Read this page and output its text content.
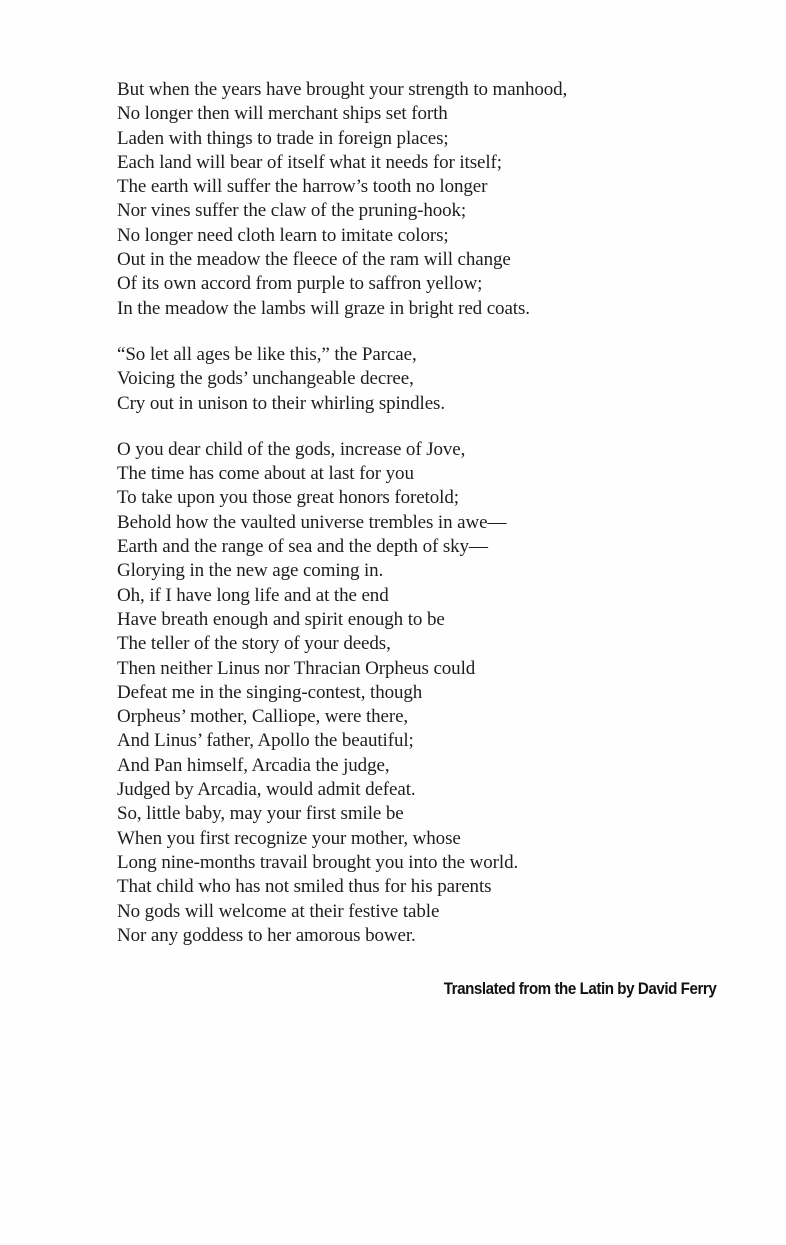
But when the years have brought your strength to manhood,
No longer then will merchant ships set forth
Laden with things to trade in foreign places;
Each land will bear of itself what it needs for itself;
The earth will suffer the harrow’s tooth no longer
Nor vines suffer the claw of the pruning-hook;
No longer need cloth learn to imitate colors;
Out in the meadow the fleece of the ram will change
Of its own accord from purple to saffron yellow;
In the meadow the lambs will graze in bright red coats.
“So let all ages be like this,” the Parcae,
Voicing the gods’ unchangeable decree,
Cry out in unison to their whirling spindles.
O you dear child of the gods, increase of Jove,
The time has come about at last for you
To take upon you those great honors foretold;
Behold how the vaulted universe trembles in awe—
Earth and the range of sea and the depth of sky—
Glorying in the new age coming in.
Oh, if I have long life and at the end
Have breath enough and spirit enough to be
The teller of the story of your deeds,
Then neither Linus nor Thracian Orpheus could
Defeat me in the singing-contest, though
Orpheus’ mother, Calliope, were there,
And Linus’ father, Apollo the beautiful;
And Pan himself, Arcadia the judge,
Judged by Arcadia, would admit defeat.
So, little baby, may your first smile be
When you first recognize your mother, whose
Long nine-months travail brought you into the world.
That child who has not smiled thus for his parents
No gods will welcome at their festive table
Nor any goddess to her amorous bower.
Translated from the Latin by David Ferry
